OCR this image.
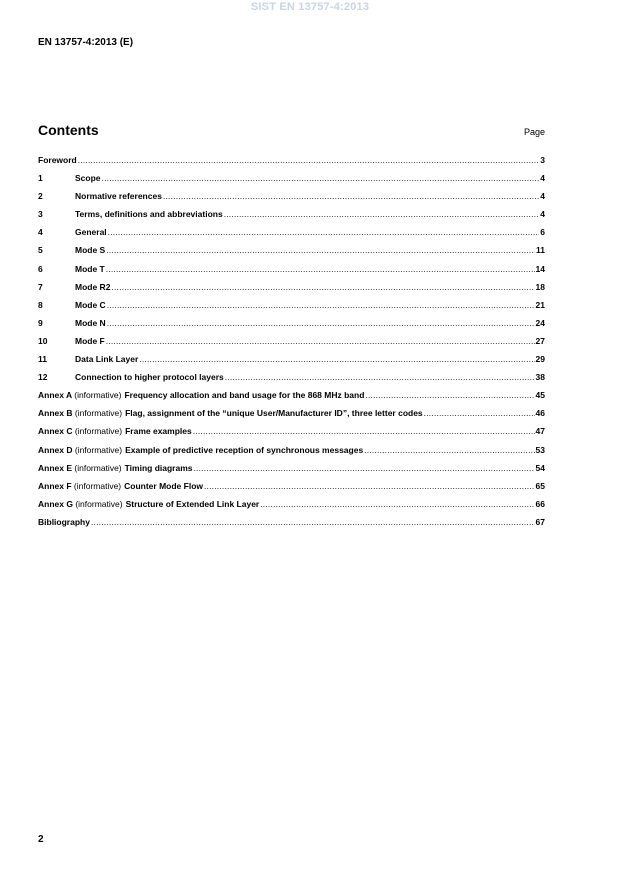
SIST EN 13757-4:2013
EN 13757-4:2013 (E)
Contents	Page
Foreword .....	3
1	Scope .....	4
2	Normative references .....	4
3	Terms, definitions and abbreviations .....	4
4	General .....	6
5	Mode S .....	11
6	Mode T .....	14
7	Mode R2 .....	18
8	Mode C .....	21
9	Mode N .....	24
10	Mode F .....	27
11	Data Link Layer .....	29
12	Connection to higher protocol layers .....	38
Annex A (informative) Frequency allocation and band usage for the 868 MHz band .....	45
Annex B (informative) Flag, assignment of the “unique User/Manufacturer ID”, three letter codes .....	46
Annex C (informative) Frame examples .....	47
Annex D (informative) Example of predictive reception of synchronous messages .....	53
Annex E (informative) Timing diagrams .....	54
Annex F (informative) Counter Mode Flow .....	65
Annex G (informative) Structure of Extended Link Layer .....	66
Bibliography .....	67
2
